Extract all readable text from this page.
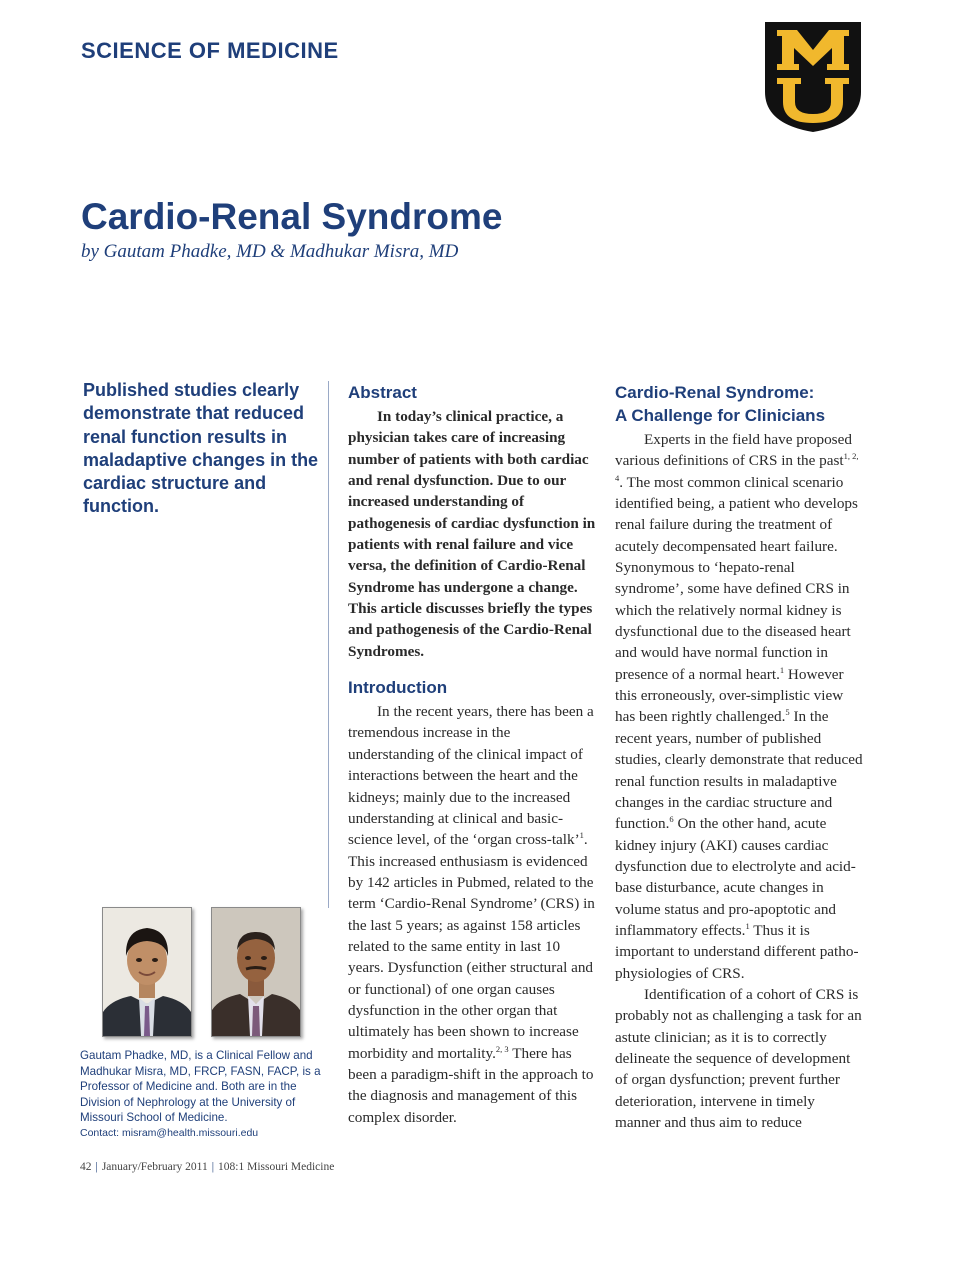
SCIENCE OF MEDICINE
Cardio-Renal Syndrome
by Gautam Phadke, MD & Madhukar Misra, MD
Published studies clearly demonstrate that reduced renal function results in maladaptive changes in the cardiac structure and function.

Gautam Phadke, MD, is a Clinical Fellow and Madhukar Misra, MD, FRCP, FASN, FACP, is a Professor of Medicine and. Both are in the Division of Nephrology at the University of Missouri School of Medicine.

Contact: misram@health.missouri.edu

42 | January/February 2011 | 108:1 Missouri Medicine
Abstract

In today’s clinical practice, a physician takes care of increasing number of patients with both cardiac and renal dysfunction. Due to our increased understanding of pathogenesis of cardiac dysfunction in patients with renal failure and vice versa, the definition of Cardio-Renal Syndrome has undergone a change. This article discusses briefly the types and pathogenesis of the Cardio-Renal Syndromes.

Introduction

In the recent years, there has been a tremendous increase in the understanding of the clinical impact of interactions between the heart and the kidneys; mainly due to the increased understanding at clinical and basic-science level, of the ‘organ cross-talk’$^1$. This increased enthusiasm is evidenced by 142 articles in Pubmed, related to the term ‘Cardio-Renal Syndrome’ (CRS) in the last 5 years; as against 158 articles related to the same entity in last 10 years. Dysfunction (either structural and or functional) of one organ causes dysfunction in the other organ that ultimately has been shown to increase morbidity and mortality.$^{2, 3}$ There has been a paradigm-shift in the approach to the diagnosis and management of this complex disorder.

Cardio-Renal Syndrome:
A Challenge for Clinicians

Experts in the field have proposed various definitions of CRS in the past$^{1, 2, 4}$. The most common clinical scenario identified being, a patient who develops renal failure during the treatment of acutely decompensated heart failure. Synonymous to ‘hepato-renal syndrome’, some have defined CRS in which the relatively normal kidney is dysfunctional due to the diseased heart and would have normal function in presence of a normal heart.$^1$ However this erroneously, over-simplistic view has been rightly challenged.$^5$ In the recent years, number of published studies, clearly demonstrate that reduced renal function results in maladaptive changes in the cardiac structure and function.$^6$ On the other hand, acute kidney injury (AKI) causes cardiac dysfunction due to electrolyte and acid-base disturbance, acute changes in volume status and pro-apoptotic and inflammatory effects.$^1$ Thus it is important to understand different patho-physiologies of CRS.

Identification of a cohort of CRS is probably not as challenging a task for an astute clinician; as it is to correctly delineate the sequence of development of organ dysfunction; prevent further deterioration, intervene in timely manner and thus aim to reduce
